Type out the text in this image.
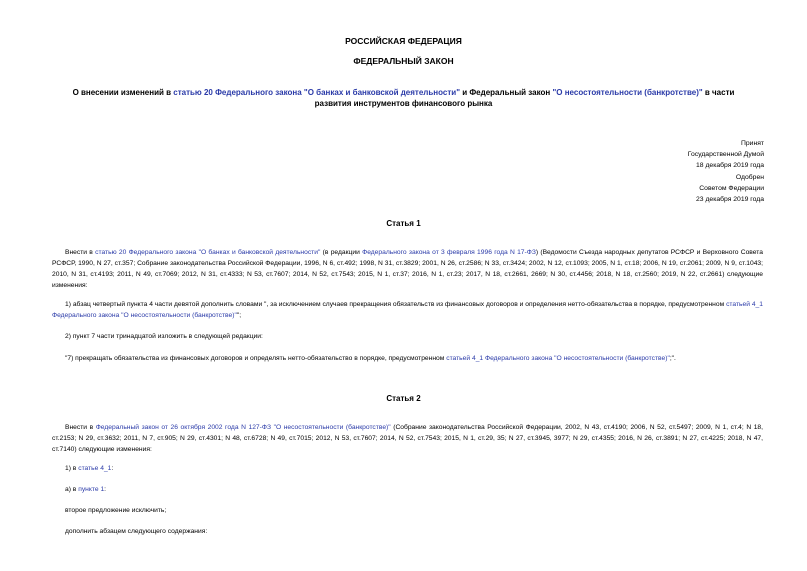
РОССИЙСКАЯ ФЕДЕРАЦИЯ
ФЕДЕРАЛЬНЫЙ ЗАКОН
О внесении изменений в статью 20 Федерального закона "О банках и банковской деятельности" и Федеральный закон "О несостоятельности (банкротстве)" в части развития инструментов финансового рынка
Принят
Государственной Думой
18 декабря 2019 года
Одобрен
Советом Федерации
23 декабря 2019 года
Статья 1
Внести в статью 20 Федерального закона "О банках и банковской деятельности" (в редакции Федерального закона от 3 февраля 1996 года N 17-ФЗ) (Ведомости Съезда народных депутатов РСФСР и Верховного Совета РСФСР, 1990, N 27, ст.357; Собрание законодательства Российской Федерации, 1996, N 6, ст.492; 1998, N 31, ст.3829; 2001, N 26, ст.2586; N 33, ст.3424; 2002, N 12, ст.1093; 2005, N 1, ст.18; 2006, N 19, ст.2061; 2009, N 9, ст.1043; 2010, N 31, ст.4193; 2011, N 49, ст.7069; 2012, N 31, ст.4333; N 53, ст.7607; 2014, N 52, ст.7543; 2015, N 1, ст.37; 2016, N 1, ст.23; 2017, N 18, ст.2661, 2669; N 30, ст.4456; 2018, N 18, ст.2560; 2019, N 22, ст.2661) следующие изменения:
1) абзац четвертый пункта 4 части девятой дополнить словами ", за исключением случаев прекращения обязательств из финансовых договоров и определения нетто-обязательства в порядке, предусмотренном статьей 4_1 Федерального закона "О несостоятельности (банкротстве)"";
2) пункт 7 части тринадцатой изложить в следующей редакции:
"7) прекращать обязательства из финансовых договоров и определять нетто-обязательство в порядке, предусмотренном статьей 4_1 Федерального закона "О несостоятельности (банкротстве)";".
Статья 2
Внести в Федеральный закон от 26 октября 2002 года N 127-ФЗ "О несостоятельности (банкротстве)" (Собрание законодательства Российской Федерации, 2002, N 43, ст.4190; 2006, N 52, ст.5497; 2009, N 1, ст.4; N 18, ст.2153; N 29, ст.3632; 2011, N 7, ст.905; N 29, ст.4301; N 48, ст.6728; N 49, ст.7015; 2012, N 53, ст.7607; 2014, N 52, ст.7543; 2015, N 1, ст.29, 35; N 27, ст.3945, 3977; N 29, ст.4355; 2016, N 26, ст.3891; N 27, ст.4225; 2018, N 47, ст.7140) следующие изменения:
1) в статье 4_1:
а) в пункте 1:
второе предложение исключить;
дополнить абзацем следующего содержания:
